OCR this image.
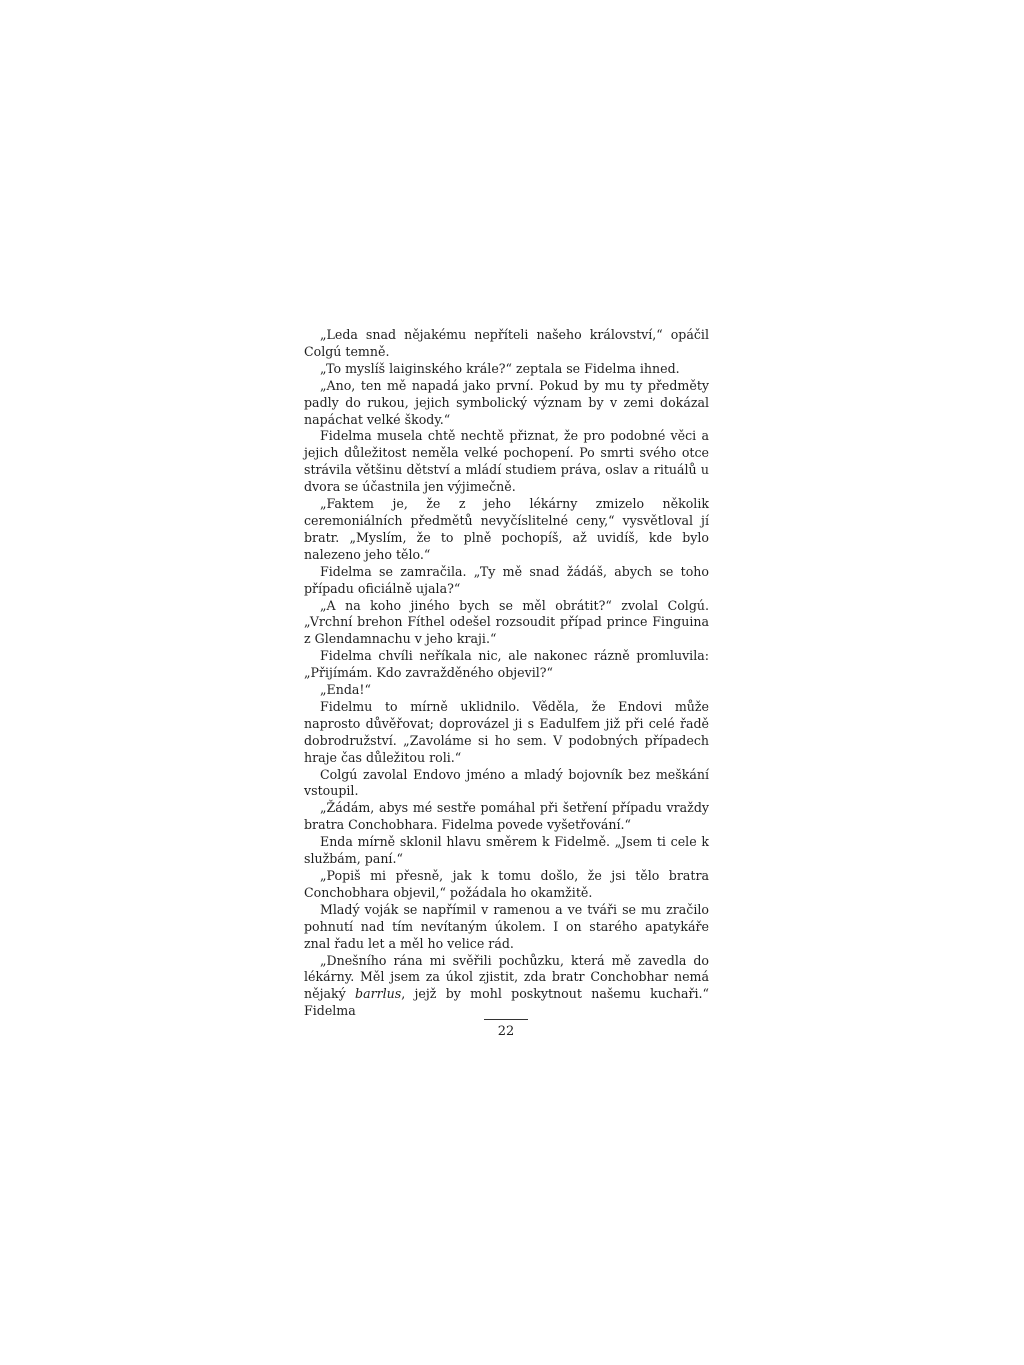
„Leda snad nějakému nepříteli našeho království,“ opáčil Colgú temně.

„To myslíš laiginského krále?“ zeptala se Fidelma ihned.

„Ano, ten mě napadá jako první. Pokud by mu ty předměty padly do rukou, jejich symbolický význam by v zemi dokázal napáchat velké škody.“

Fidelma musela chtě nechtě přiznat, že pro podobné věci a jejich důležitost neměla velké pochopení. Po smrti svého otce strávila většinu dětství a mládí studiem práva, oslav a rituálů u dvora se účastnila jen výjimečně.

„Faktem je, že z jeho lékárny zmizelo několik ceremoniálních předmětů nevyčíslitelné ceny,“ vysvětloval jí bratr. „Myslím, že to plně pochopíš, až uvidíš, kde bylo nalezeno jeho tělo.“

Fidelma se zamračila. „Ty mě snad žádáš, abych se toho případu oficiálně ujala?“

„A na koho jiného bych se měl obrátit?“ zvolal Colgú. „Vrchní brehon Fíthel odešel rozsoudit případ prince Finguina z Glendamnachu v jeho kraji.“

Fidelma chvíli neříkala nic, ale nakonec rázně promluvila: „Přijímám. Kdo zavražděného objevil?“

„Enda!“

Fidelmu to mírně uklidnilo. Věděla, že Endovi může naprosto důvěřovat; doprovázel ji s Eadulfem již při celé řadě dobrodružství. „Zavoláme si ho sem. V podobných případech hraje čas důležitou roli.“

Colgú zavolal Endovo jméno a mladý bojovník bez meškání vstoupil.

„Žádám, abys mé sestře pomáhal při šetření případu vraždy bratra Conchobhara. Fidelma povede vyšetřování.“

Enda mírně sklonil hlavu směrem k Fidelmě. „Jsem ti cele k službám, paní.“

„Popiš mi přesně, jak k tomu došlo, že jsi tělo bratra Conchobhara objevil,“ požádala ho okamžitě.

Mladý voják se napřímil v ramenou a ve tváři se mu zračilo pohnutí nad tím nevítaným úkolem. I on starého apatykáře znal řadu let a měl ho velice rád.

„Dnešního rána mi svěřili pochůzku, která mě zavedla do lékárny. Měl jsem za úkol zjistit, zda bratr Conchobhar nemá nějaký barrlus, jejž by mohl poskytnout našemu kuchaři.“ Fidelma

22
